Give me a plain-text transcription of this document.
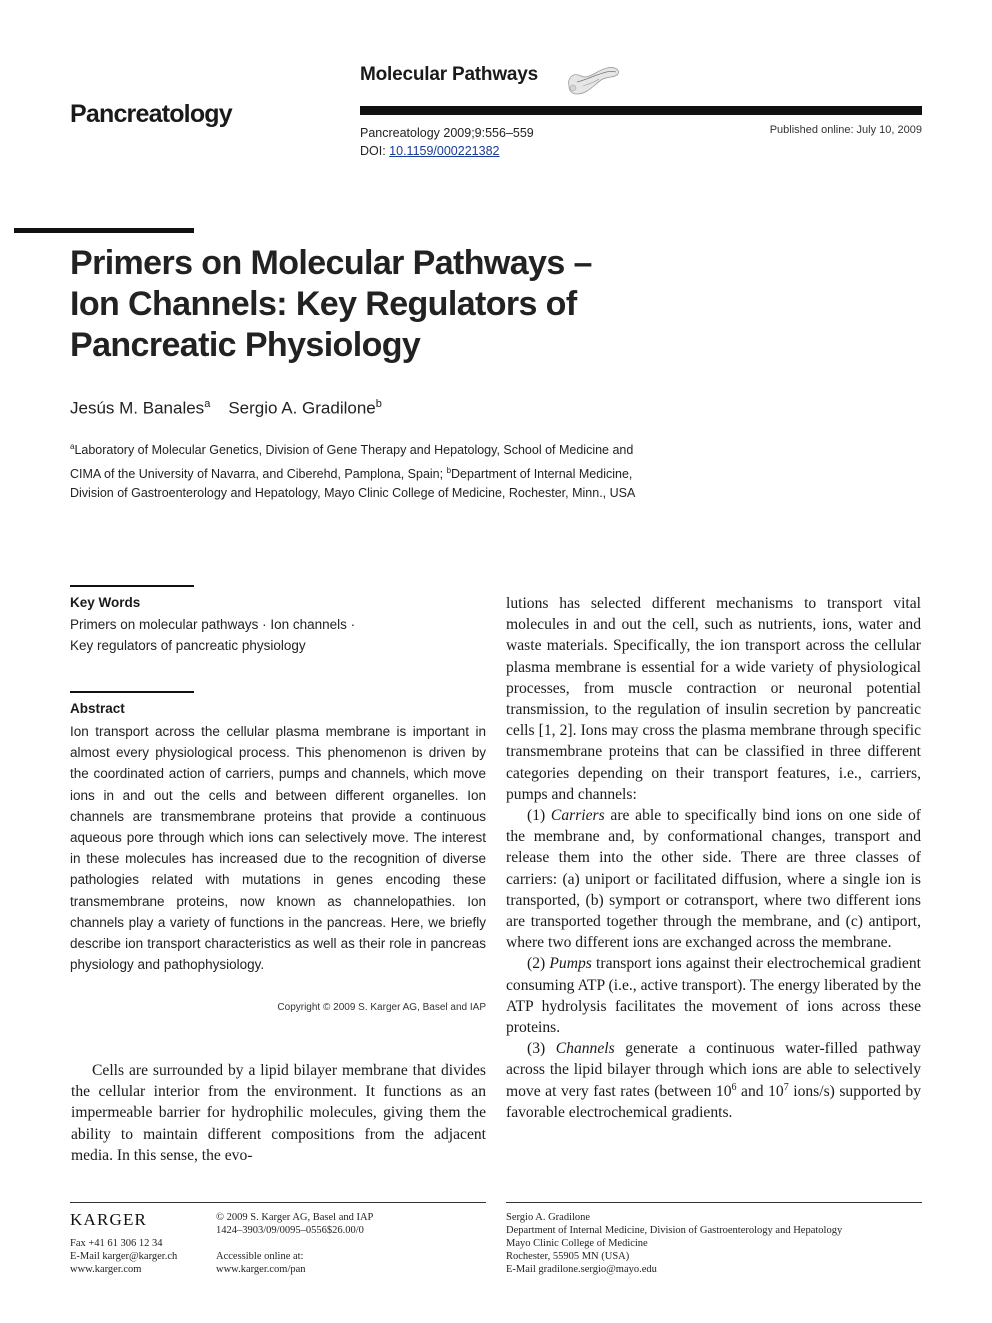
Molecular Pathways
Pancreatology
Pancreatology 2009;9:556–559
DOI: 10.1159/000221382
Published online: July 10, 2009
Primers on Molecular Pathways –
Ion Channels: Key Regulators of
Pancreatic Physiology
Jesús M. Banales$^a$ Sergio A. Gradilone$^b$
$^a$Laboratory of Molecular Genetics, Division of Gene Therapy and Hepatology, School of Medicine and
CIMA of the University of Navarra, and Ciberehd, Pamplona, Spain; $^b$Department of Internal Medicine,
Division of Gastroenterology and Hepatology, Mayo Clinic College of Medicine, Rochester, Minn., USA
Key Words
Primers on molecular pathways · Ion channels ·
Key regulators of pancreatic physiology
Abstract
Ion transport across the cellular plasma membrane is important in almost every physiological process. This phenomenon is driven by the coordinated action of carriers, pumps and channels, which move ions in and out the cells and between different organelles. Ion channels are transmembrane proteins that provide a continuous aqueous pore through which ions can selectively move. The interest in these molecules has increased due to the recognition of diverse pathologies related with mutations in genes encoding these transmembrane proteins, now known as channelopathies. Ion channels play a variety of functions in the pancreas. Here, we briefly describe ion transport characteristics as well as their role in pancreas physiology and pathophysiology.
Copyright © 2009 S. Karger AG, Basel and IAP

Cells are surrounded by a lipid bilayer membrane that divides the cellular interior from the environment. It functions as an impermeable barrier for hydrophilic molecules, giving them the ability to maintain different compositions from the adjacent media. In this sense, the evo-

lutions has selected different mechanisms to transport vital molecules in and out the cell, such as nutrients, ions, water and waste materials. Specifically, the ion transport across the cellular plasma membrane is essential for a wide variety of physiological processes, from muscle contraction or neuronal potential transmission, to the regulation of insulin secretion by pancreatic cells [1, 2]. Ions may cross the plasma membrane through specific transmembrane proteins that can be classified in three different categories depending on their transport features, i.e., carriers, pumps and channels:

(1) Carriers are able to specifically bind ions on one side of the membrane and, by conformational changes, transport and release them into the other side. There are three classes of carriers: (a) uniport or facilitated diffusion, where a single ion is transported, (b) symport or cotransport, where two different ions are transported together through the membrane, and (c) antiport, where two different ions are exchanged across the membrane.

(2) Pumps transport ions against their electrochemical gradient consuming ATP (i.e., active transport). The energy liberated by the ATP hydrolysis facilitates the movement of ions across these proteins.

(3) Channels generate a continuous water-filled pathway across the lipid bilayer through which ions are able to selectively move at very fast rates (between $10^6$ and $10^7$ ions/s) supported by favorable electrochemical gradients.

KARGER
Fax +41 61 306 12 34
E-Mail karger@karger.ch
www.karger.com
© 2009 S. Karger AG, Basel and IAP
1424–3903/09/0095–0556$26.00/0
Accessible online at:
www.karger.com/pan
Sergio A. Gradilone
Department of Internal Medicine, Division of Gastroenterology and Hepatology
Mayo Clinic College of Medicine
Rochester, 55905 MN (USA)
E-Mail gradilone.sergio@mayo.edu
